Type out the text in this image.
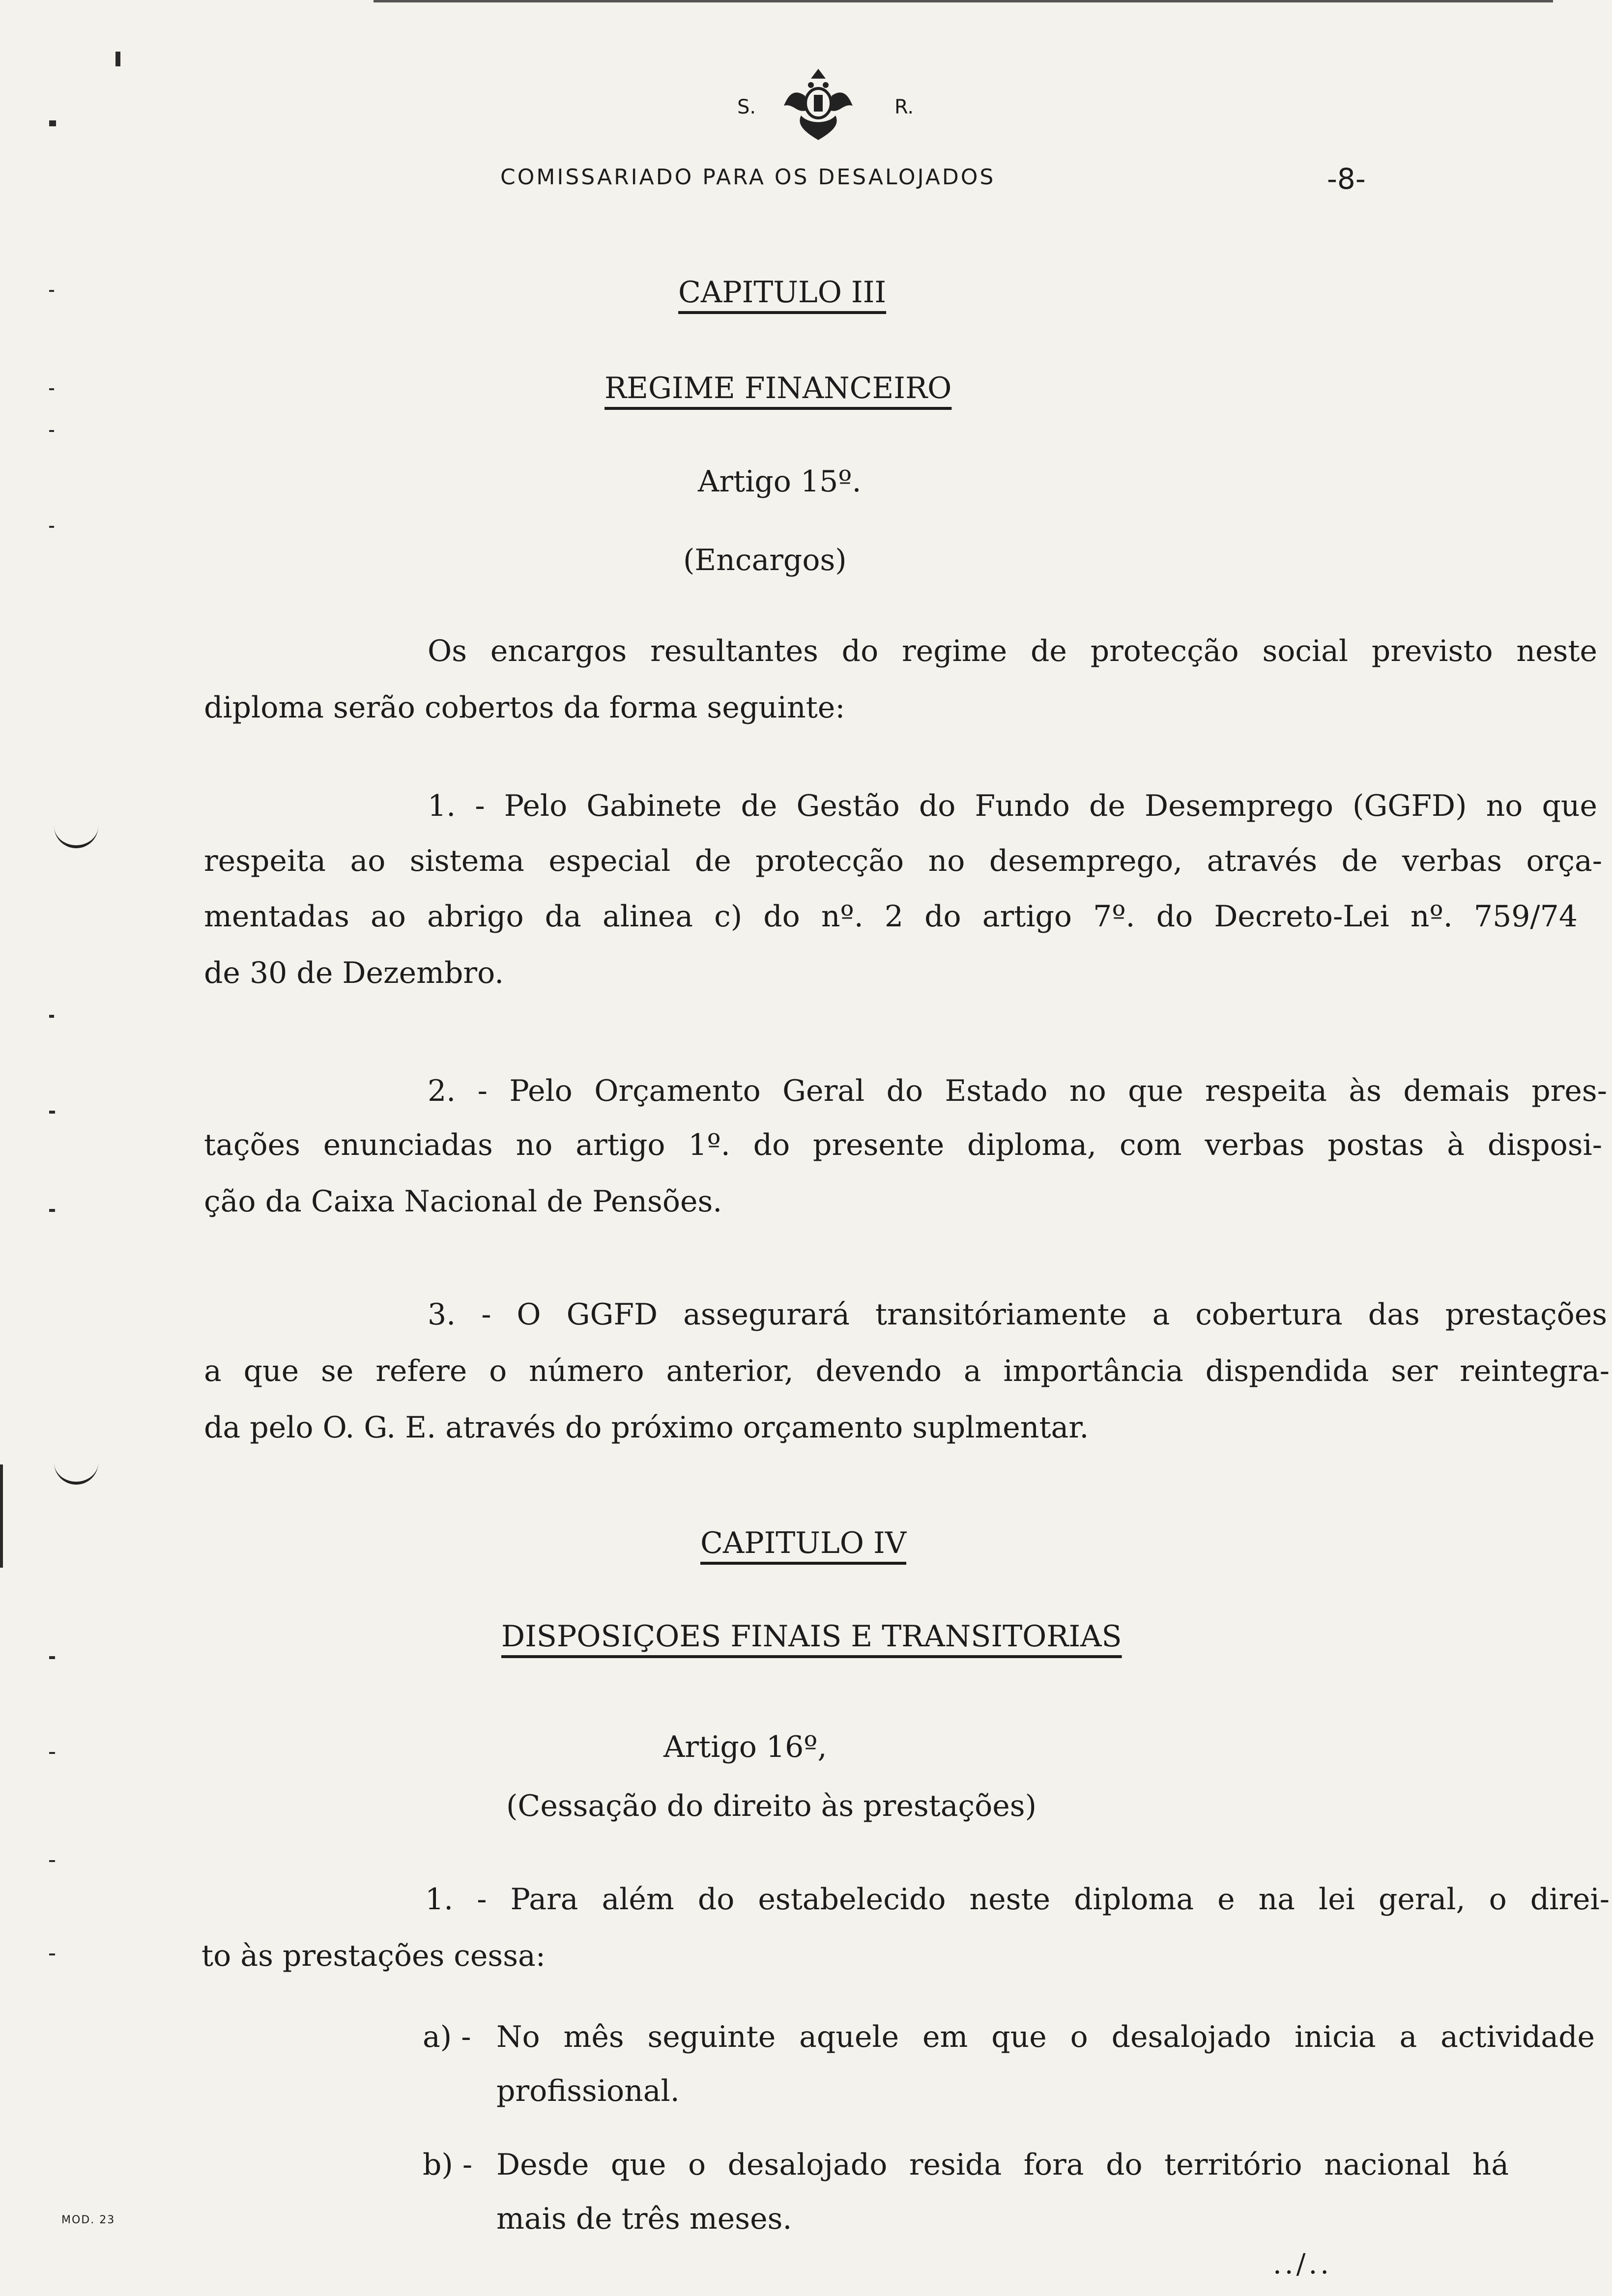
S.	R.
COMISSARIADO PARA OS DESALOJADOS	-8-
CAPITULO III
REGIME FINANCEIRO
Artigo 15º.
(Encargos)
Os encargos resultantes do regime de protecção social previsto neste
diploma serão cobertos da forma seguinte:
1. - Pelo Gabinete de Gestão do Fundo de Desemprego (GGFD) no que
respeita ao sistema especial de protecção no desemprego, através de verbas orça-
mentadas ao abrigo da alinea c) do nº. 2 do artigo 7º. do Decreto-Lei nº. 759/74
de 30 de Dezembro.
2. - Pelo Orçamento Geral do Estado no que respeita às demais pres-
tações enunciadas no artigo 1º. do presente diploma, com verbas postas à disposi-
ção da Caixa Nacional de Pensões.
3. - O GGFD assegurará transitóriamente a cobertura das prestações
a que se refere o número anterior, devendo a importância dispendida ser reintegra-
da pelo O. G. E. através do próximo orçamento suplmentar.
CAPITULO IV
DISPOSIÇOES FINAIS E TRANSITORIAS
Artigo 16º,
(Cessação do direito às prestações)
1. - Para além do estabelecido neste diploma e na lei geral, o direi-
to às prestações cessa:
a) - No mês seguinte aquele em que o desalojado inicia a actividade
profissional.
b) - Desde que o desalojado resida fora do território nacional há
mais de três meses.
MOD. 23
../..
